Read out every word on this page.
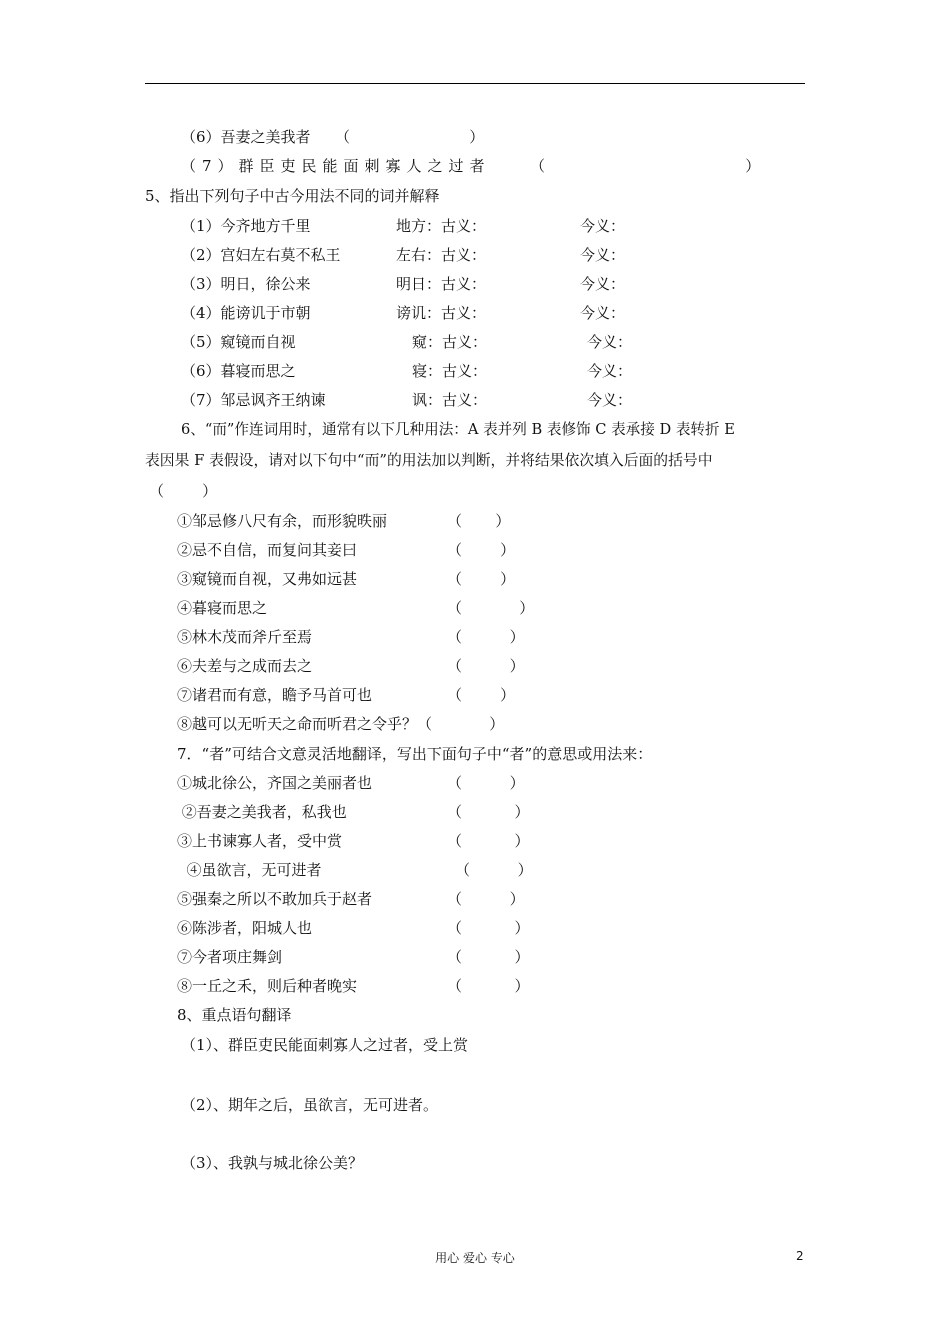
（6）吾妻之美我者 （                         ）
（7）群臣吏民能面刺寡人之过者	（                                          ）
5、指出下列句子中古今用法不同的词并解释
（1）今齐地方千里	地方：古义：	今义：
（2）宫妇左右莫不私王	左右：古义：	今义：
（3）明日，徐公来	明日：古义：	今义：
（4）能谤讥于市朝	谤讥：古义：	今义：
（5）窥镜而自视	窥：古义：	今义：
（6）暮寝而思之	寝：古义：	今义：
（7）邹忌讽齐王纳谏	讽：古义：	今义：
6、“而”作连词用时，通常有以下几种用法：A 表并列 B 表修饰 C 表承接 D 表转折 E
表因果 F 表假设，请对以下句中“而”的用法加以判断，并将结果依次填入后面的括号中
（        ）
①邹忌修八尺有余，而形貌昳丽	（       ）
②忌不自信，而复问其妾曰	（        ）
③窥镜而自视，又弗如远甚	（        ）
④暮寝而思之	（            ）
⑤林木茂而斧斤至焉	（          ）
⑥夫差与之成而去之	（          ）
⑦诸君而有意，瞻予马首可也	（        ）
⑧越可以无听天之命而听君之令乎？（            ）
7．“者”可结合文意灵活地翻译，写出下面句子中“者”的意思或用法来：
①城北徐公，齐国之美丽者也	（          ）
②吾妻之美我者，私我也	（           ）
③上书谏寡人者，受中赏	（           ）
④虽欲言，无可进者	（          ）
⑤强秦之所以不敢加兵于赵者	（          ）
⑥陈涉者，阳城人也	（           ）
⑦今者项庄舞剑	（           ）
⑧一丘之禾，则后种者晚实	（           ）
8、重点语句翻译
（1）、群臣吏民能面刺寡人之过者，受上赏
（2）、期年之后，虽欲言，无可进者。
（3）、我孰与城北徐公美？
用心 爱心 专心	2
